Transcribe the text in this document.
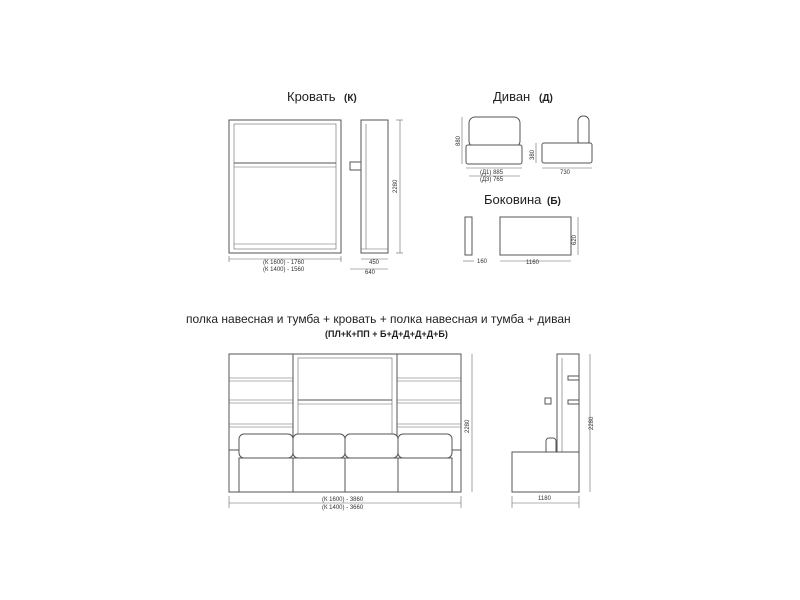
Кровать (К)
(К 1600) - 1760
(К 1400) - 1560
2280
450
640
Диван (Д)
880
(Д1) 885
(Д3) 765
380
730
Боковина (Б)
160	1160
620
полка навесная и тумба + кровать + полка навесная и тумба + диван
(ПЛ+К+ПП + Б+Д+Д+Д+Д+Б)
(К 1600) - 3860
(К 1400) - 3660
2280	2280
1180
